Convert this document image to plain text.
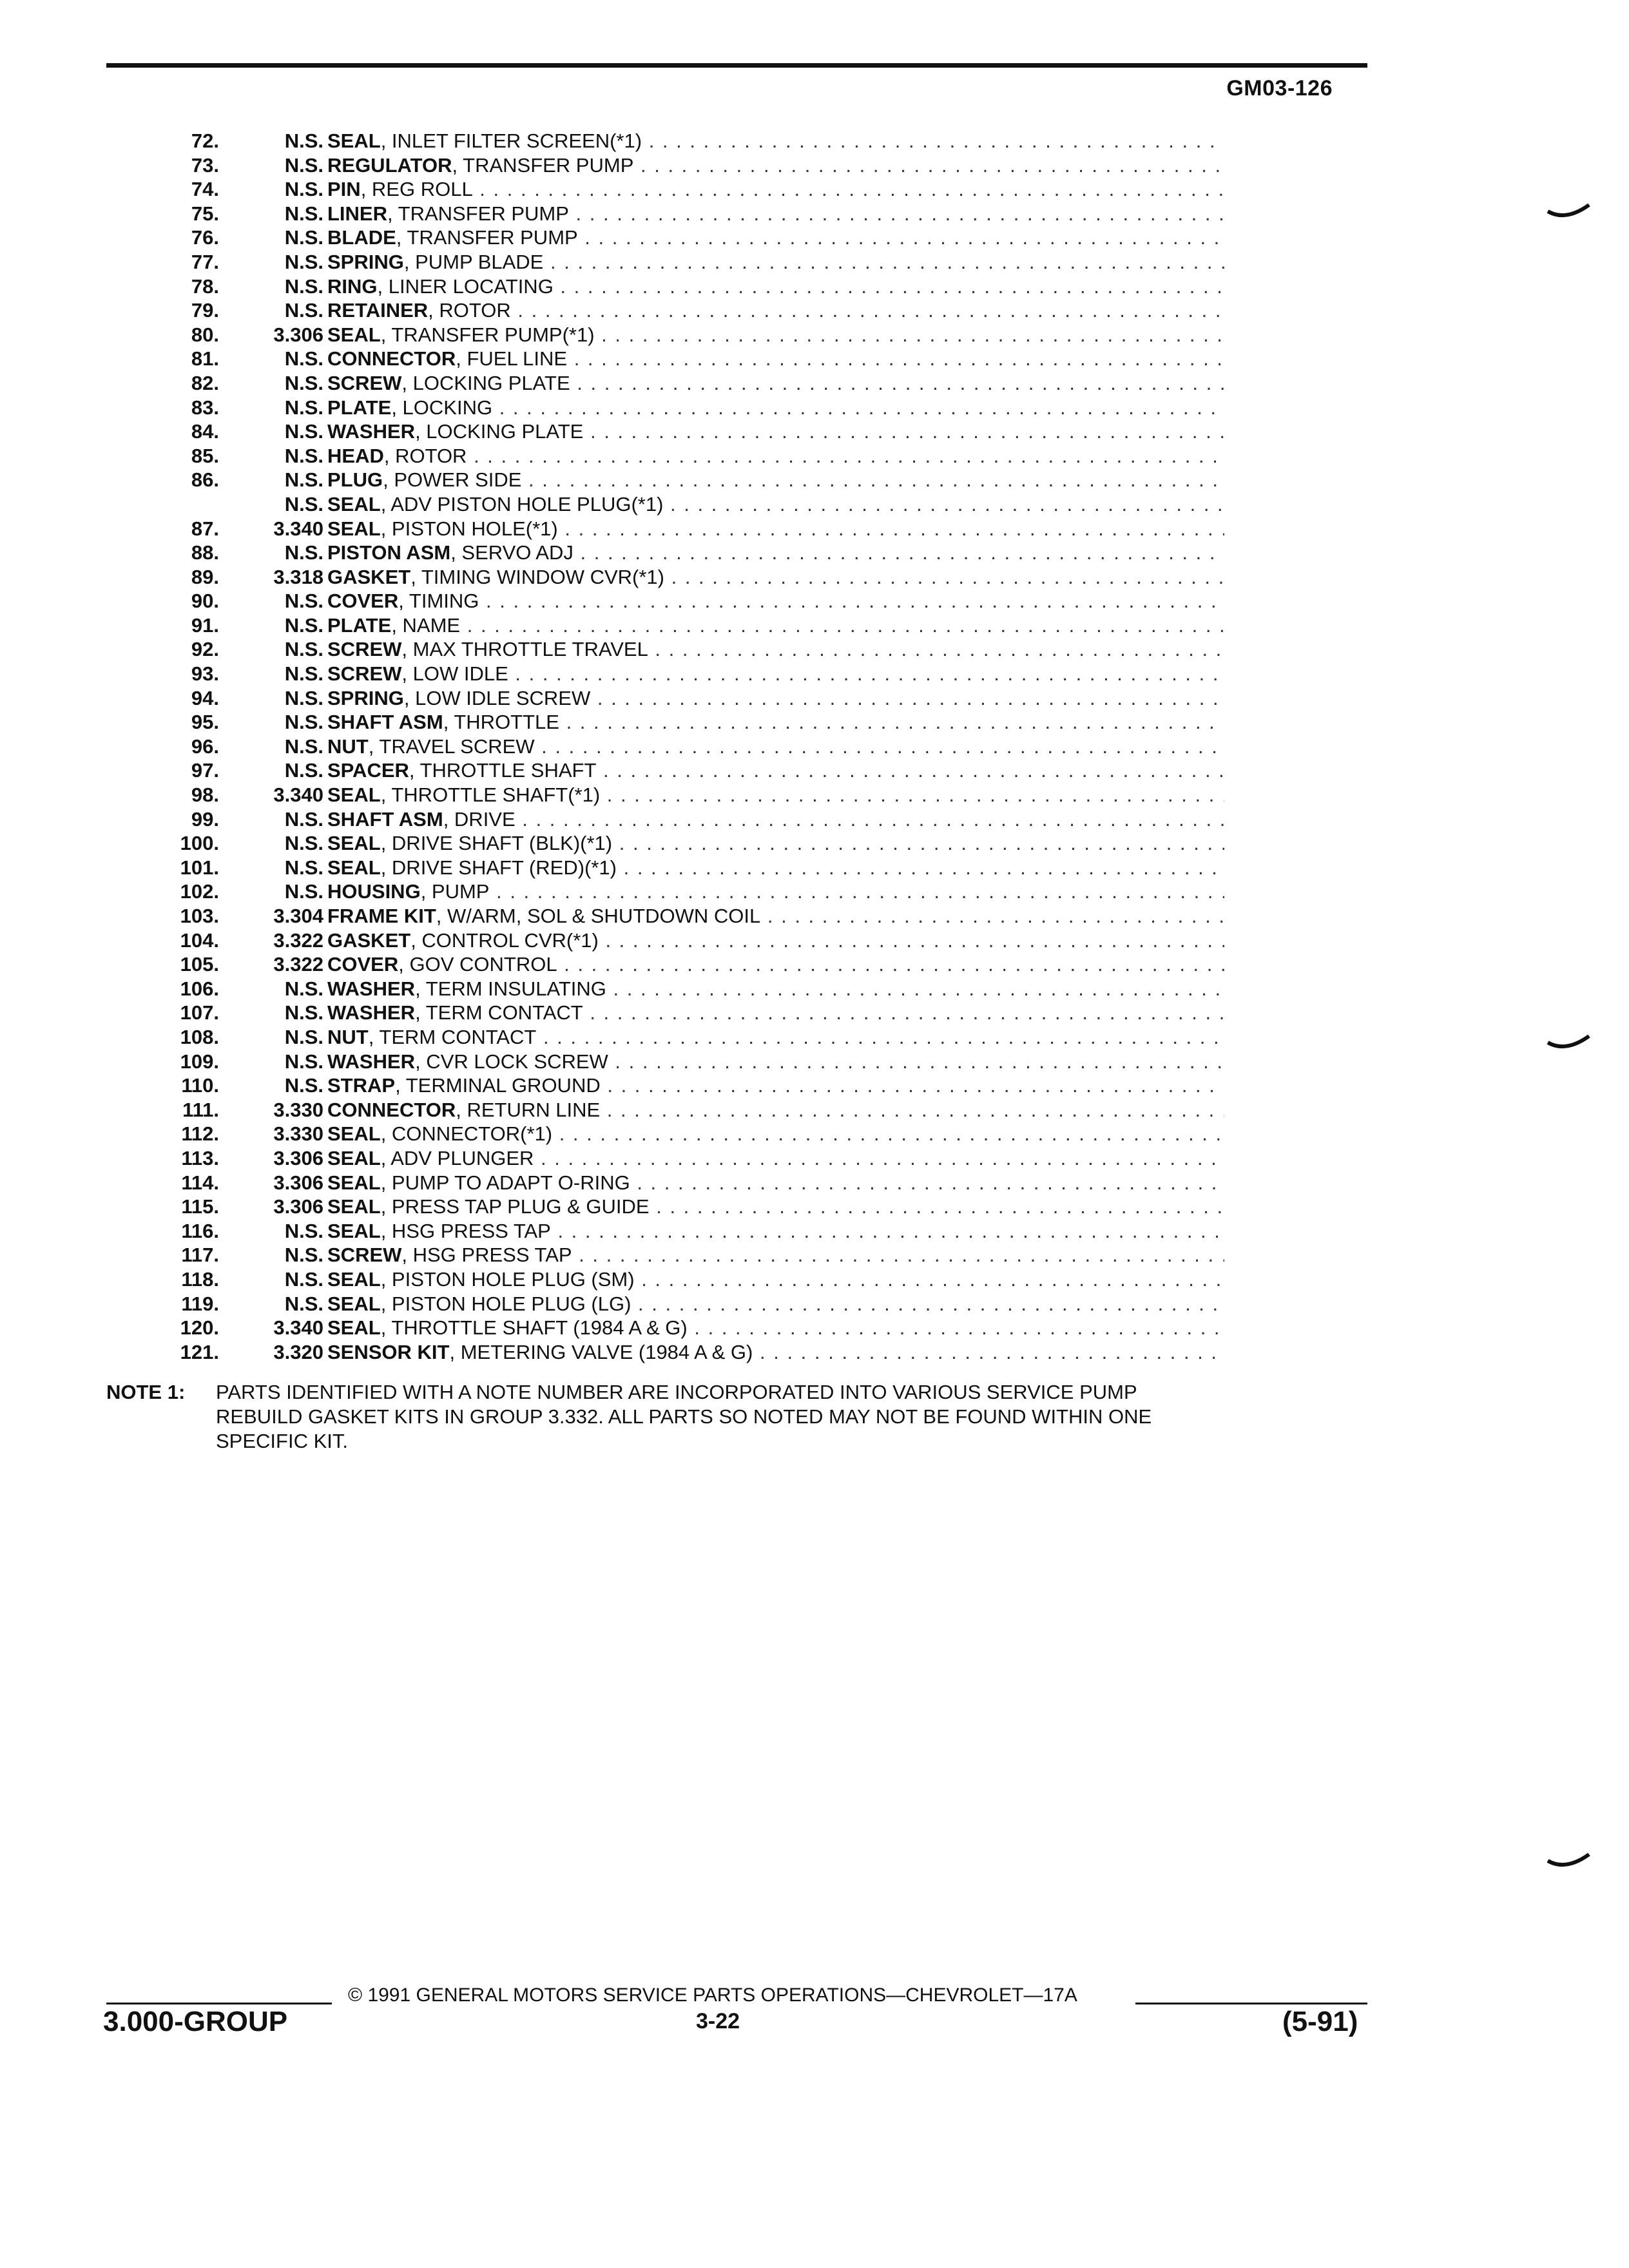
GM03-126
72.	N.S. SEAL, INLET FILTER SCREEN(*1) . . .
73.	N.S. REGULATOR, TRANSFER PUMP . . .
74.	N.S. PIN, REG ROLL . . .
75.	N.S. LINER, TRANSFER PUMP . . .
76.	N.S. BLADE, TRANSFER PUMP . . .
77.	N.S. SPRING, PUMP BLADE . . .
78.	N.S. RING, LINER LOCATING . . .
79.	N.S. RETAINER, ROTOR . . .
80.	3.306 SEAL, TRANSFER PUMP(*1) . . .
81.	N.S. CONNECTOR, FUEL LINE . . .
82.	N.S. SCREW, LOCKING PLATE . . .
83.	N.S. PLATE, LOCKING . . .
84.	N.S. WASHER, LOCKING PLATE . . .
85.	N.S. HEAD, ROTOR . . .
86.	N.S. PLUG, POWER SIDE . . .
N.S. SEAL, ADV PISTON HOLE PLUG(*1) . . .
87.	3.340 SEAL, PISTON HOLE(*1) . . .
88.	N.S. PISTON ASM, SERVO ADJ . . .
89.	3.318 GASKET, TIMING WINDOW CVR(*1) . . .
90.	N.S. COVER, TIMING . . .
91.	N.S. PLATE, NAME . . .
92.	N.S. SCREW, MAX THROTTLE TRAVEL . . .
93.	N.S. SCREW, LOW IDLE . . .
94.	N.S. SPRING, LOW IDLE SCREW . . .
95.	N.S. SHAFT ASM, THROTTLE . . .
96.	N.S. NUT, TRAVEL SCREW . . .
97.	N.S. SPACER, THROTTLE SHAFT . . .
98.	3.340 SEAL, THROTTLE SHAFT(*1) . . .
99.	N.S. SHAFT ASM, DRIVE . . .
100.	N.S. SEAL, DRIVE SHAFT (BLK)(*1) . . .
101.	N.S. SEAL, DRIVE SHAFT (RED)(*1) . . .
102.	N.S. HOUSING, PUMP . . .
103.	3.304 FRAME KIT, W/ARM, SOL & SHUTDOWN COIL . . .
104.	3.322 GASKET, CONTROL CVR(*1) . . .
105.	3.322 COVER, GOV CONTROL . . .
106.	N.S. WASHER, TERM INSULATING . . .
107.	N.S. WASHER, TERM CONTACT . . .
108.	N.S. NUT, TERM CONTACT . . .
109.	N.S. WASHER, CVR LOCK SCREW . . .
110.	N.S. STRAP, TERMINAL GROUND . . .
111.	3.330 CONNECTOR, RETURN LINE . . .
112.	3.330 SEAL, CONNECTOR(*1) . . .
113.	3.306 SEAL, ADV PLUNGER . . .
114.	3.306 SEAL, PUMP TO ADAPT O-RING . . .
115.	3.306 SEAL, PRESS TAP PLUG & GUIDE . . .
116.	N.S. SEAL, HSG PRESS TAP . . .
117.	N.S. SCREW, HSG PRESS TAP . . .
118.	N.S. SEAL, PISTON HOLE PLUG (SM) . . .
119.	N.S. SEAL, PISTON HOLE PLUG (LG) . . .
120.	3.340 SEAL, THROTTLE SHAFT (1984 A & G) . . .
121.	3.320 SENSOR KIT, METERING VALVE (1984 A & G) . . .
NOTE 1:	PARTS IDENTIFIED WITH A NOTE NUMBER ARE INCORPORATED INTO VARIOUS SERVICE PUMP
REBUILD GASKET KITS IN GROUP 3.332. ALL PARTS SO NOTED MAY NOT BE FOUND WITHIN ONE
SPECIFIC KIT.
© 1991 GENERAL MOTORS SERVICE PARTS OPERATIONS—CHEVROLET—17A
3.000-GROUP	3-22	(5-91)
